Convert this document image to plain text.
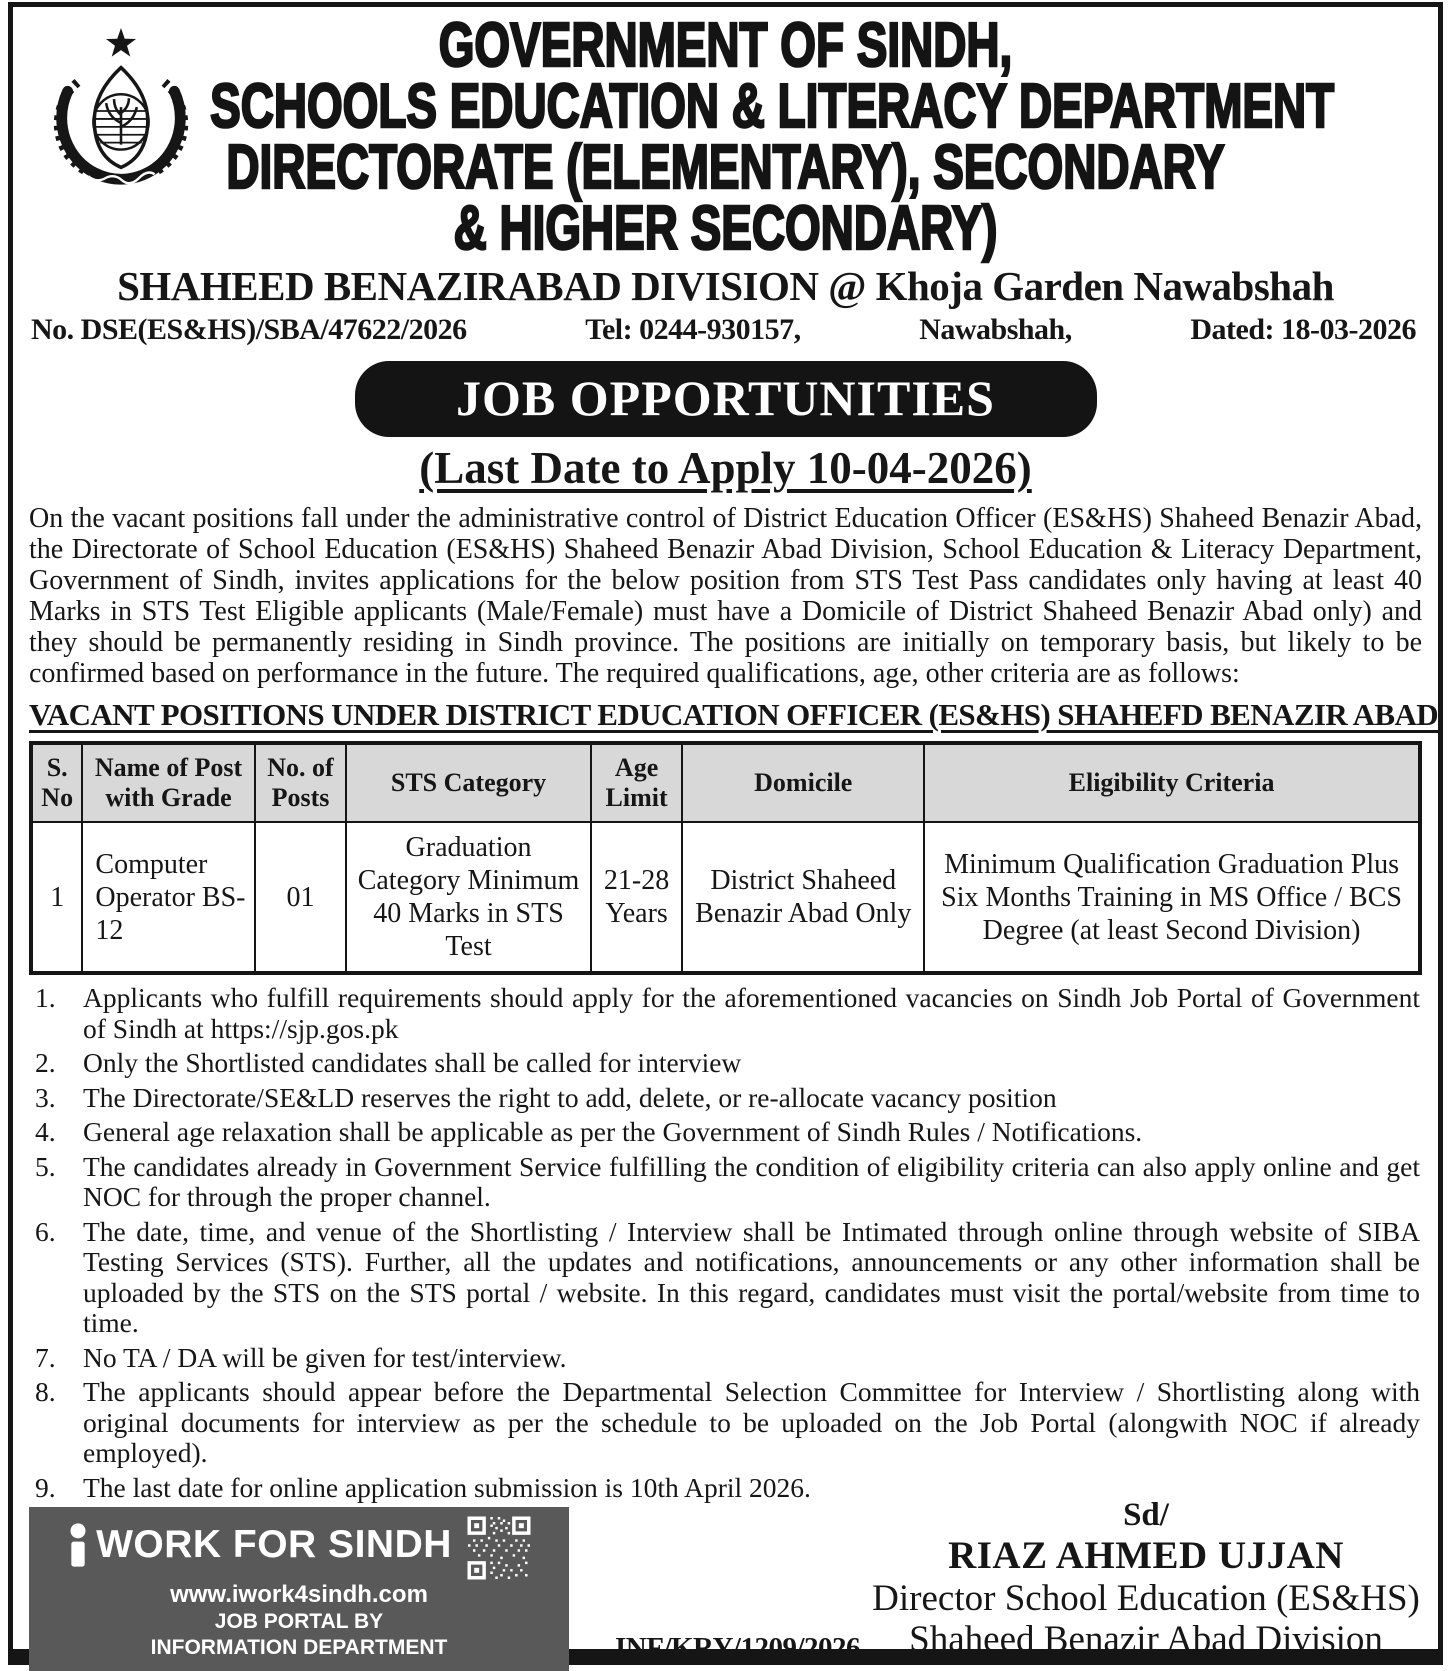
GOVERNMENT OF SINDH,
SCHOOLS EDUCATION & LITERACY DEPARTMENT
DIRECTORATE (ELEMENTARY), SECONDARY
& HIGHER SECONDARY)
SHAHEED BENAZIRABAD DIVISION @ Khoja Garden Nawabshah
No. DSE(ES&HS)/SBA/47622/2026	Tel: 0244-930157,	Nawabshah,	Dated: 18-03-2026
JOB OPPORTUNITIES
(Last Date to Apply 10-04-2026)

On the vacant positions fall under the administrative control of District Education Officer (ES&HS) Shaheed Benazir Abad, the Directorate of School Education (ES&HS) Shaheed Benazir Abad Division, School Education & Literacy Department, Government of Sindh, invites applications for the below position from STS Test Pass candidates only having at least 40 Marks in STS Test Eligible applicants (Male/Female) must have a Domicile of District Shaheed Benazir Abad only) and they should be permanently residing in Sindh province. The positions are initially on temporary basis, but likely to be confirmed based on performance in the future. The required qualifications, age, other criteria are as follows:

VACANT POSITIONS UNDER DISTRICT EDUCATION OFFICER (ES&HS) SHAHEFD BENAZIR ABAD
S. No	Name of Post with Grade	No. of Posts	STS Category	Age Limit	Domicile	Eligibility Criteria
1	Computer Operator BS-12	01	Graduation Category Minimum 40 Marks in STS Test	21-28 Years	District Shaheed Benazir Abad Only	Minimum Qualification Graduation Plus Six Months Training in MS Office / BCS Degree (at least Second Division)
1. Applicants who fulfill requirements should apply for the aforementioned vacancies on Sindh Job Portal of Government of Sindh at https://sjp.gos.pk
2. Only the Shortlisted candidates shall be called for interview
3. The Directorate/SE&LD reserves the right to add, delete, or re-allocate vacancy position
4. General age relaxation shall be applicable as per the Government of Sindh Rules / Notifications.
5. The candidates already in Government Service fulfilling the condition of eligibility criteria can also apply online and get NOC for through the proper channel.
6. The date, time, and venue of the Shortlisting / Interview shall be Intimated through online through website of SIBA Testing Services (STS). Further, all the updates and notifications, announcements or any other information shall be uploaded by the STS on the STS portal / website. In this regard, candidates must visit the portal/website from time to time.
7. No TA / DA will be given for test/interview.
8. The applicants should appear before the Departmental Selection Committee for Interview / Shortlisting along with original documents for interview as per the schedule to be uploaded on the Job Portal (alongwith NOC if already employed).
9. The last date for online application submission is 10th April 2026.
WORK FOR SINDH
www.iwork4sindh.com
JOB PORTAL BY
INFORMATION DEPARTMENT	INF/KRY/1209/2026
Sd/
RIAZ AHMED UJJAN
Director School Education (ES&HS)
Shaheed Benazir Abad Division
